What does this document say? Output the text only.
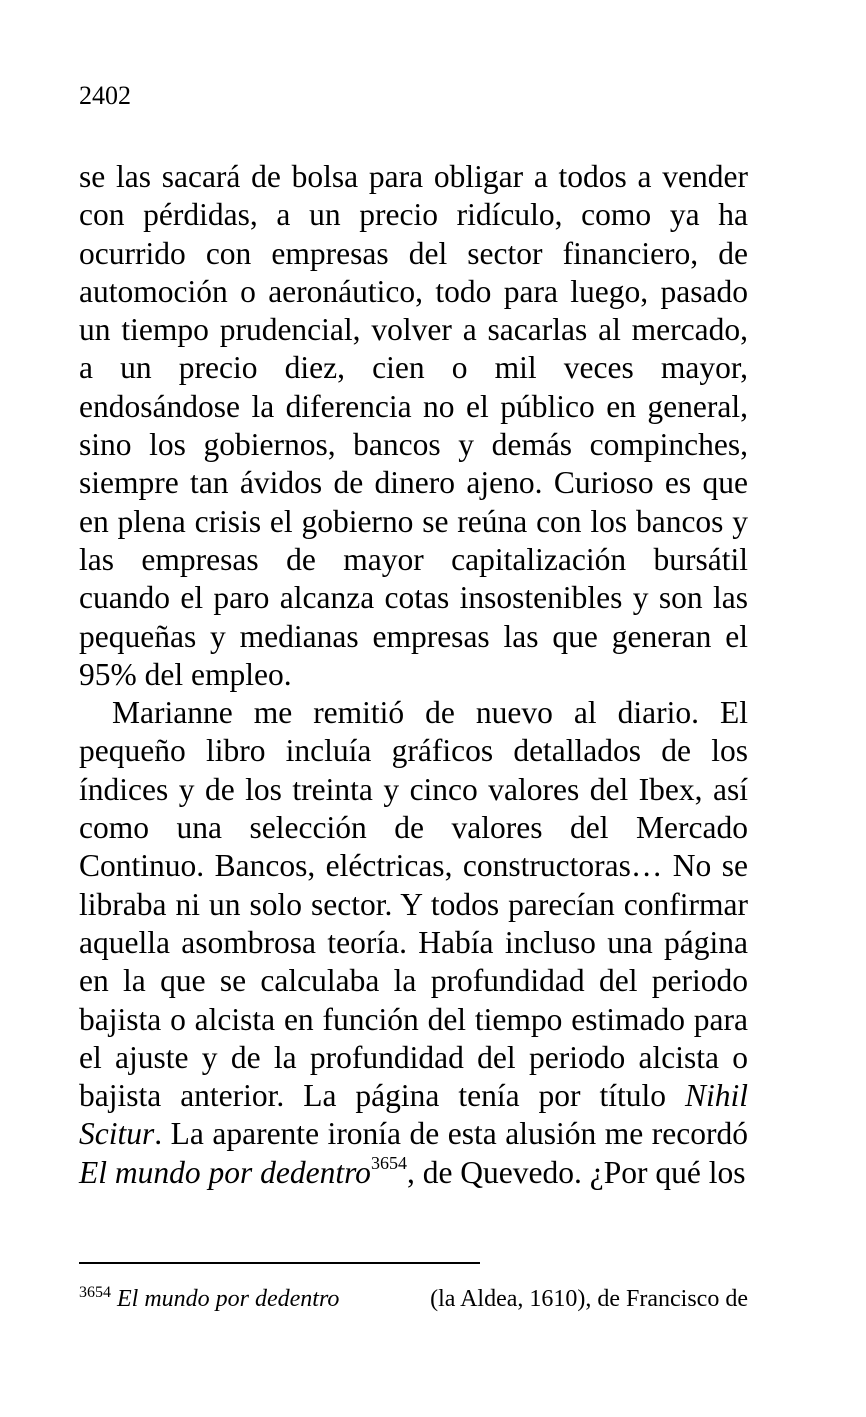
2402

se las sacará de bolsa para obligar a todos a vender con pérdidas, a un precio ridículo, como ya ha ocurrido con empresas del sector financiero, de automoción o aeronáutico, todo para luego, pasado un tiempo prudencial, volver a sacarlas al mercado, a un precio diez, cien o mil veces mayor, endosándose la diferencia no el público en general, sino los gobiernos, bancos y demás compinches, siempre tan ávidos de dinero ajeno. Curioso es que en plena crisis el gobierno se reúna con los bancos y las empresas de mayor capitalización bursátil cuando el paro alcanza cotas insostenibles y son las pequeñas y medianas empresas las que generan el 95% del empleo.

Marianne me remitió de nuevo al diario. El pequeño libro incluía gráficos detallados de los índices y de los treinta y cinco valores del Ibex, así como una selección de valores del Mercado Continuo. Bancos, eléctricas, constructoras… No se libraba ni un solo sector. Y todos parecían confirmar aquella asombrosa teoría. Había incluso una página en la que se calculaba la profundidad del periodo bajista o alcista en función del tiempo estimado para el ajuste y de la profundidad del periodo alcista o bajista anterior. La página tenía por título Nihil Scitur. La aparente ironía de esta alusión me recordó El mundo por dedentro$^{3654}$, de Quevedo. ¿Por qué los

$^{3654}$ El mundo por dedentro	(la Aldea, 1610), de Francisco de
